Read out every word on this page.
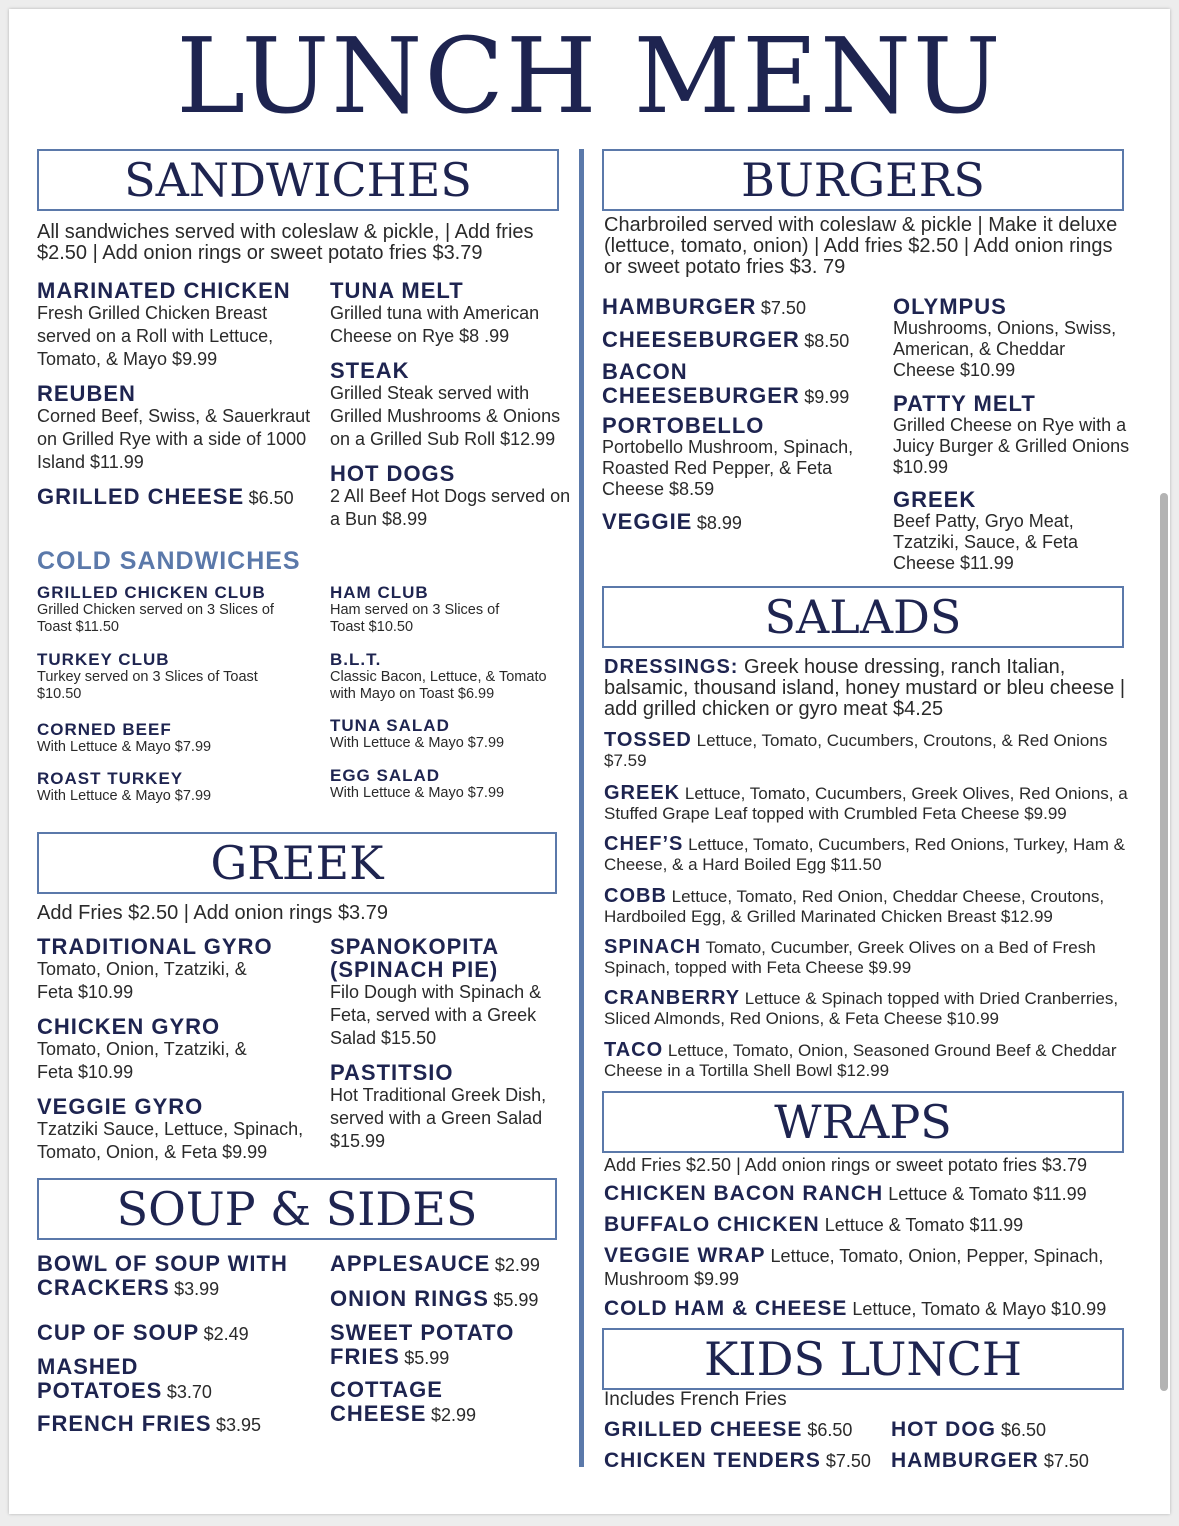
LUNCH MENU
SANDWICHES
All sandwiches served with coleslaw & pickle, | Add fries $2.50 | Add onion rings or sweet potato fries $3.79
MARINATED CHICKEN
Fresh Grilled Chicken Breast served on a Roll with Lettuce, Tomato, & Mayo $9.99
REUBEN
Corned Beef, Swiss, & Sauerkraut on Grilled Rye with a side of 1000 Island $11.99
GRILLED CHEESE $6.50
TUNA MELT
Grilled tuna with American Cheese on Rye $8 .99
STEAK
Grilled Steak served with Grilled Mushrooms & Onions on a Grilled Sub Roll $12.99
HOT DOGS
2 All Beef Hot Dogs served on a Bun $8.99
COLD SANDWICHES
GRILLED CHICKEN CLUB
Grilled Chicken served on 3 Slices of Toast $11.50
TURKEY CLUB
Turkey served on 3 Slices of Toast $10.50
CORNED BEEF
With Lettuce & Mayo $7.99
ROAST TURKEY
With Lettuce & Mayo $7.99
HAM CLUB
Ham served on 3 Slices of Toast $10.50
B.L.T.
Classic Bacon, Lettuce, & Tomato with Mayo on Toast $6.99
TUNA SALAD
With Lettuce & Mayo $7.99
EGG SALAD
With Lettuce & Mayo $7.99
GREEK
Add Fries $2.50 | Add onion rings $3.79
TRADITIONAL GYRO
Tomato, Onion, Tzatziki, & Feta $10.99
CHICKEN GYRO
Tomato, Onion, Tzatziki, & Feta $10.99
VEGGIE GYRO
Tzatziki Sauce, Lettuce, Spinach, Tomato, Onion, & Feta $9.99
SPANOKOPITA (SPINACH PIE)
Filo Dough with Spinach & Feta, served with a Greek Salad $15.50
PASTITSIO
Hot Traditional Greek Dish, served with a Green Salad $15.99
SOUP & SIDES
BOWL OF SOUP WITH CRACKERS $3.99
CUP OF SOUP $2.49
MASHED POTATOES $3.70
FRENCH FRIES $3.95
APPLESAUCE $2.99
ONION RINGS $5.99
SWEET POTATO FRIES $5.99
COTTAGE CHEESE $2.99
BURGERS
Charbroiled served with coleslaw & pickle | Make it deluxe (lettuce, tomato, onion) | Add fries $2.50 | Add onion rings or sweet potato fries $3. 79
HAMBURGER $7.50
CHEESEBURGER $8.50
BACON CHEESEBURGER $9.99
PORTOBELLO
Portobello Mushroom, Spinach, Roasted Red Pepper, & Feta Cheese $8.59
VEGGIE $8.99
OLYMPUS
Mushrooms, Onions, Swiss, American, & Cheddar Cheese $10.99
PATTY MELT
Grilled Cheese on Rye with a Juicy Burger & Grilled Onions $10.99
GREEK
Beef Patty, Gryo Meat, Tzatziki, Sauce, & Feta Cheese $11.99
SALADS
DRESSINGS: Greek house dressing, ranch Italian, balsamic, thousand island, honey mustard or bleu cheese | add grilled chicken or gyro meat $4.25
TOSSED Lettuce, Tomato, Cucumbers, Croutons, & Red Onions $7.59
GREEK Lettuce, Tomato, Cucumbers, Greek Olives, Red Onions, a Stuffed Grape Leaf topped with Crumbled Feta Cheese $9.99
CHEF’S Lettuce, Tomato, Cucumbers, Red Onions, Turkey, Ham & Cheese, & a Hard Boiled Egg $11.50
COBB Lettuce, Tomato, Red Onion, Cheddar Cheese, Croutons, Hardboiled Egg, & Grilled Marinated Chicken Breast $12.99
SPINACH Tomato, Cucumber, Greek Olives on a Bed of Fresh Spinach, topped with Feta Cheese $9.99
CRANBERRY Lettuce & Spinach topped with Dried Cranberries, Sliced Almonds, Red Onions, & Feta Cheese $10.99
TACO Lettuce, Tomato, Onion, Seasoned Ground Beef & Cheddar Cheese in a Tortilla Shell Bowl $12.99
WRAPS
Add Fries $2.50 | Add onion rings or sweet potato fries $3.79
CHICKEN BACON RANCH Lettuce & Tomato $11.99
BUFFALO CHICKEN Lettuce & Tomato $11.99
VEGGIE WRAP Lettuce, Tomato, Onion, Pepper, Spinach, Mushroom $9.99
COLD HAM & CHEESE Lettuce, Tomato & Mayo $10.99
KIDS LUNCH
Includes French Fries
GRILLED CHEESE $6.50
CHICKEN TENDERS $7.50
HOT DOG $6.50
HAMBURGER $7.50
